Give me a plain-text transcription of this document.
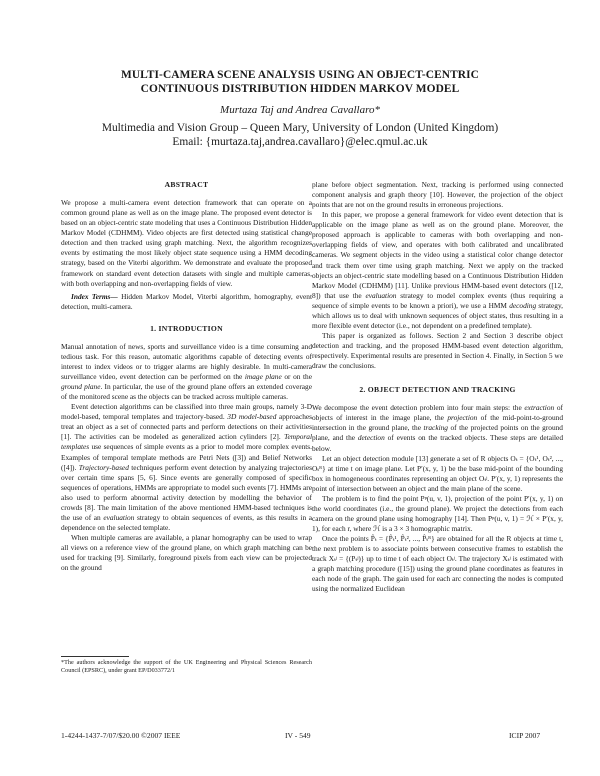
MULTI-CAMERA SCENE ANALYSIS USING AN OBJECT-CENTRIC
CONTINUOUS DISTRIBUTION HIDDEN MARKOV MODEL
Murtaza Taj and Andrea Cavallaro*
Multimedia and Vision Group – Queen Mary, University of London (United Kingdom)
Email: {murtaza.taj,andrea.cavallaro}@elec.qmul.ac.uk

ABSTRACT

We propose a multi-camera event detection framework that can operate on a common ground plane as well as on the image plane. The proposed event detector is based on an object-centric state modeling that uses a Continuous Distribution Hidden Markov Model (CDHMM). Video objects are first detected using statistical change detection and then tracked using graph matching. Next, the algorithm recognizes events by estimating the most likely object state sequence using a HMM decoding strategy, based on the Viterbi algorithm. We demonstrate and evaluate the proposed framework on standard event detection datasets with single and multiple cameras, with both overlapping and non-overlapping fields of view.

Index Terms— Hidden Markov Model, Viterbi algorithm, homography, event detection, multi-camera.

1. INTRODUCTION

Manual annotation of news, sports and surveillance video is a time consuming and tedious task. For this reason, automatic algorithms capable of detecting events of interest to index videos or to trigger alarms are highly desirable. In multi-camera surveillance video, event detection can be performed on the image plane or on the ground plane. In particular, the use of the ground plane offers an extended coverage of the monitored scene as the objects can be tracked across multiple cameras.

Event detection algorithms can be classified into three main groups, namely 3-D model-based, temporal templates and trajectory-based. 3D model-based approaches treat an object as a set of connected parts and perform detections on their activities [1]. The activities can be modeled as generalized action cylinders [2]. Temporal templates use sequences of simple events as a prior to model more complex events. Examples of temporal template methods are Petri Nets ([3]) and Belief Networks ([4]). Trajectory-based techniques perform event detection by analyzing trajectories over certain time spans [5, 6]. Since events are generally composed of specific sequences of operations, HMMs are appropriate to model such events [7]. HMMs are also used to perform abnormal activity detection by modelling the behavior of crowds [8]. The main limitation of the above mentioned HMM-based techniques is the use of an evaluation strategy to obtain sequences of events, as this results in a dependence on the selected template.

When multiple cameras are available, a planar homography can be used to wrap all views on a reference view of the ground plane, on which graph matching can be used for tracking [9]. Similarly, foreground pixels from each view can be projected on the ground

*The authors acknowledge the support of the UK Engineering and Physical Sciences Research Council (EPSRC), under grant EP/D033772/1

plane before object segmentation. Next, tracking is performed using connected component analysis and graph theory [10]. However, the projection of the object points that are not on the ground results in erroneous projections.

In this paper, we propose a general framework for video event detection that is applicable on the image plane as well as on the ground plane. Moreover, the proposed approach is applicable to cameras with both overlapping and non-overlapping fields of view, and operates with both calibrated and uncalibrated cameras. We segment objects in the video using a statistical color change detector and track them over time using graph matching. Next we apply on the tracked objects an object-centric state modelling based on a Continuous Distribution Hidden Markov Model (CDHMM) [11]. Unlike previous HMM-based event detectors ([12, 8]) that use the evaluation strategy to model complex events (thus requiring a sequence of simple events to be known a priori), we use a HMM decoding strategy, which allows us to deal with unknown sequences of object states, thus resulting in a more flexible event detector (i.e., not dependent on a predefined template).

This paper is organized as follows. Section 2 and Section 3 describe object detection and tracking, and the proposed HMM-based event detection algorithm, respectively. Experimental results are presented in Section 4. Finally, in Section 5 we draw the conclusions.

2. OBJECT DETECTION AND TRACKING

We decompose the event detection problem into four main steps: the extraction of objects of interest in the image plane, the projection of the mid-point-to-ground intersection in the ground plane, the tracking of the projected points on the ground plane, and the detection of events on the tracked objects. These steps are detailed below.

Let an object detection module [13] generate a set of R objects Oₜ = {Oₜ¹, Oₜ², ..., Oₜᴿ} at time t on image plane. Let P′(x, y, 1) be the base mid-point of the bounding box in homogeneous coordinates representing an object Oₜʲ. P′(x, y, 1) represents the point of intersection between an object and the main plane of the scene.

The problem is to find the point Pᵖ(u, v, 1), projection of the point P′(x, y, 1) on the world coordinates (i.e., the ground plane). We project the detections from each camera on the ground plane using homography [14]. Then Pᵖ(u, v, 1) = ℋ × P′(x, y, 1), for each r, where ℋ is a 3 × 3 homographic matrix.

Once the points P̂ₜ = {P̂ₜ¹, P̂ₜ², ..., P̂ₜᴿ} are obtained for all the R objects at time t, the next problem is to associate points between consecutive frames to establish the track Xₜʲ = {(Pₜʲ)} up to time t of each object Oₜʲ. The trajectory Xₜʲ is estimated with a graph matching procedure ([15]) using the ground plane coordinates as features in each node of the graph. The gain used for each arc connecting the nodes is computed using the normalized Euclidean

1-4244-1437-7/07/$20.00 ©2007 IEEE	IV - 549	ICIP 2007
